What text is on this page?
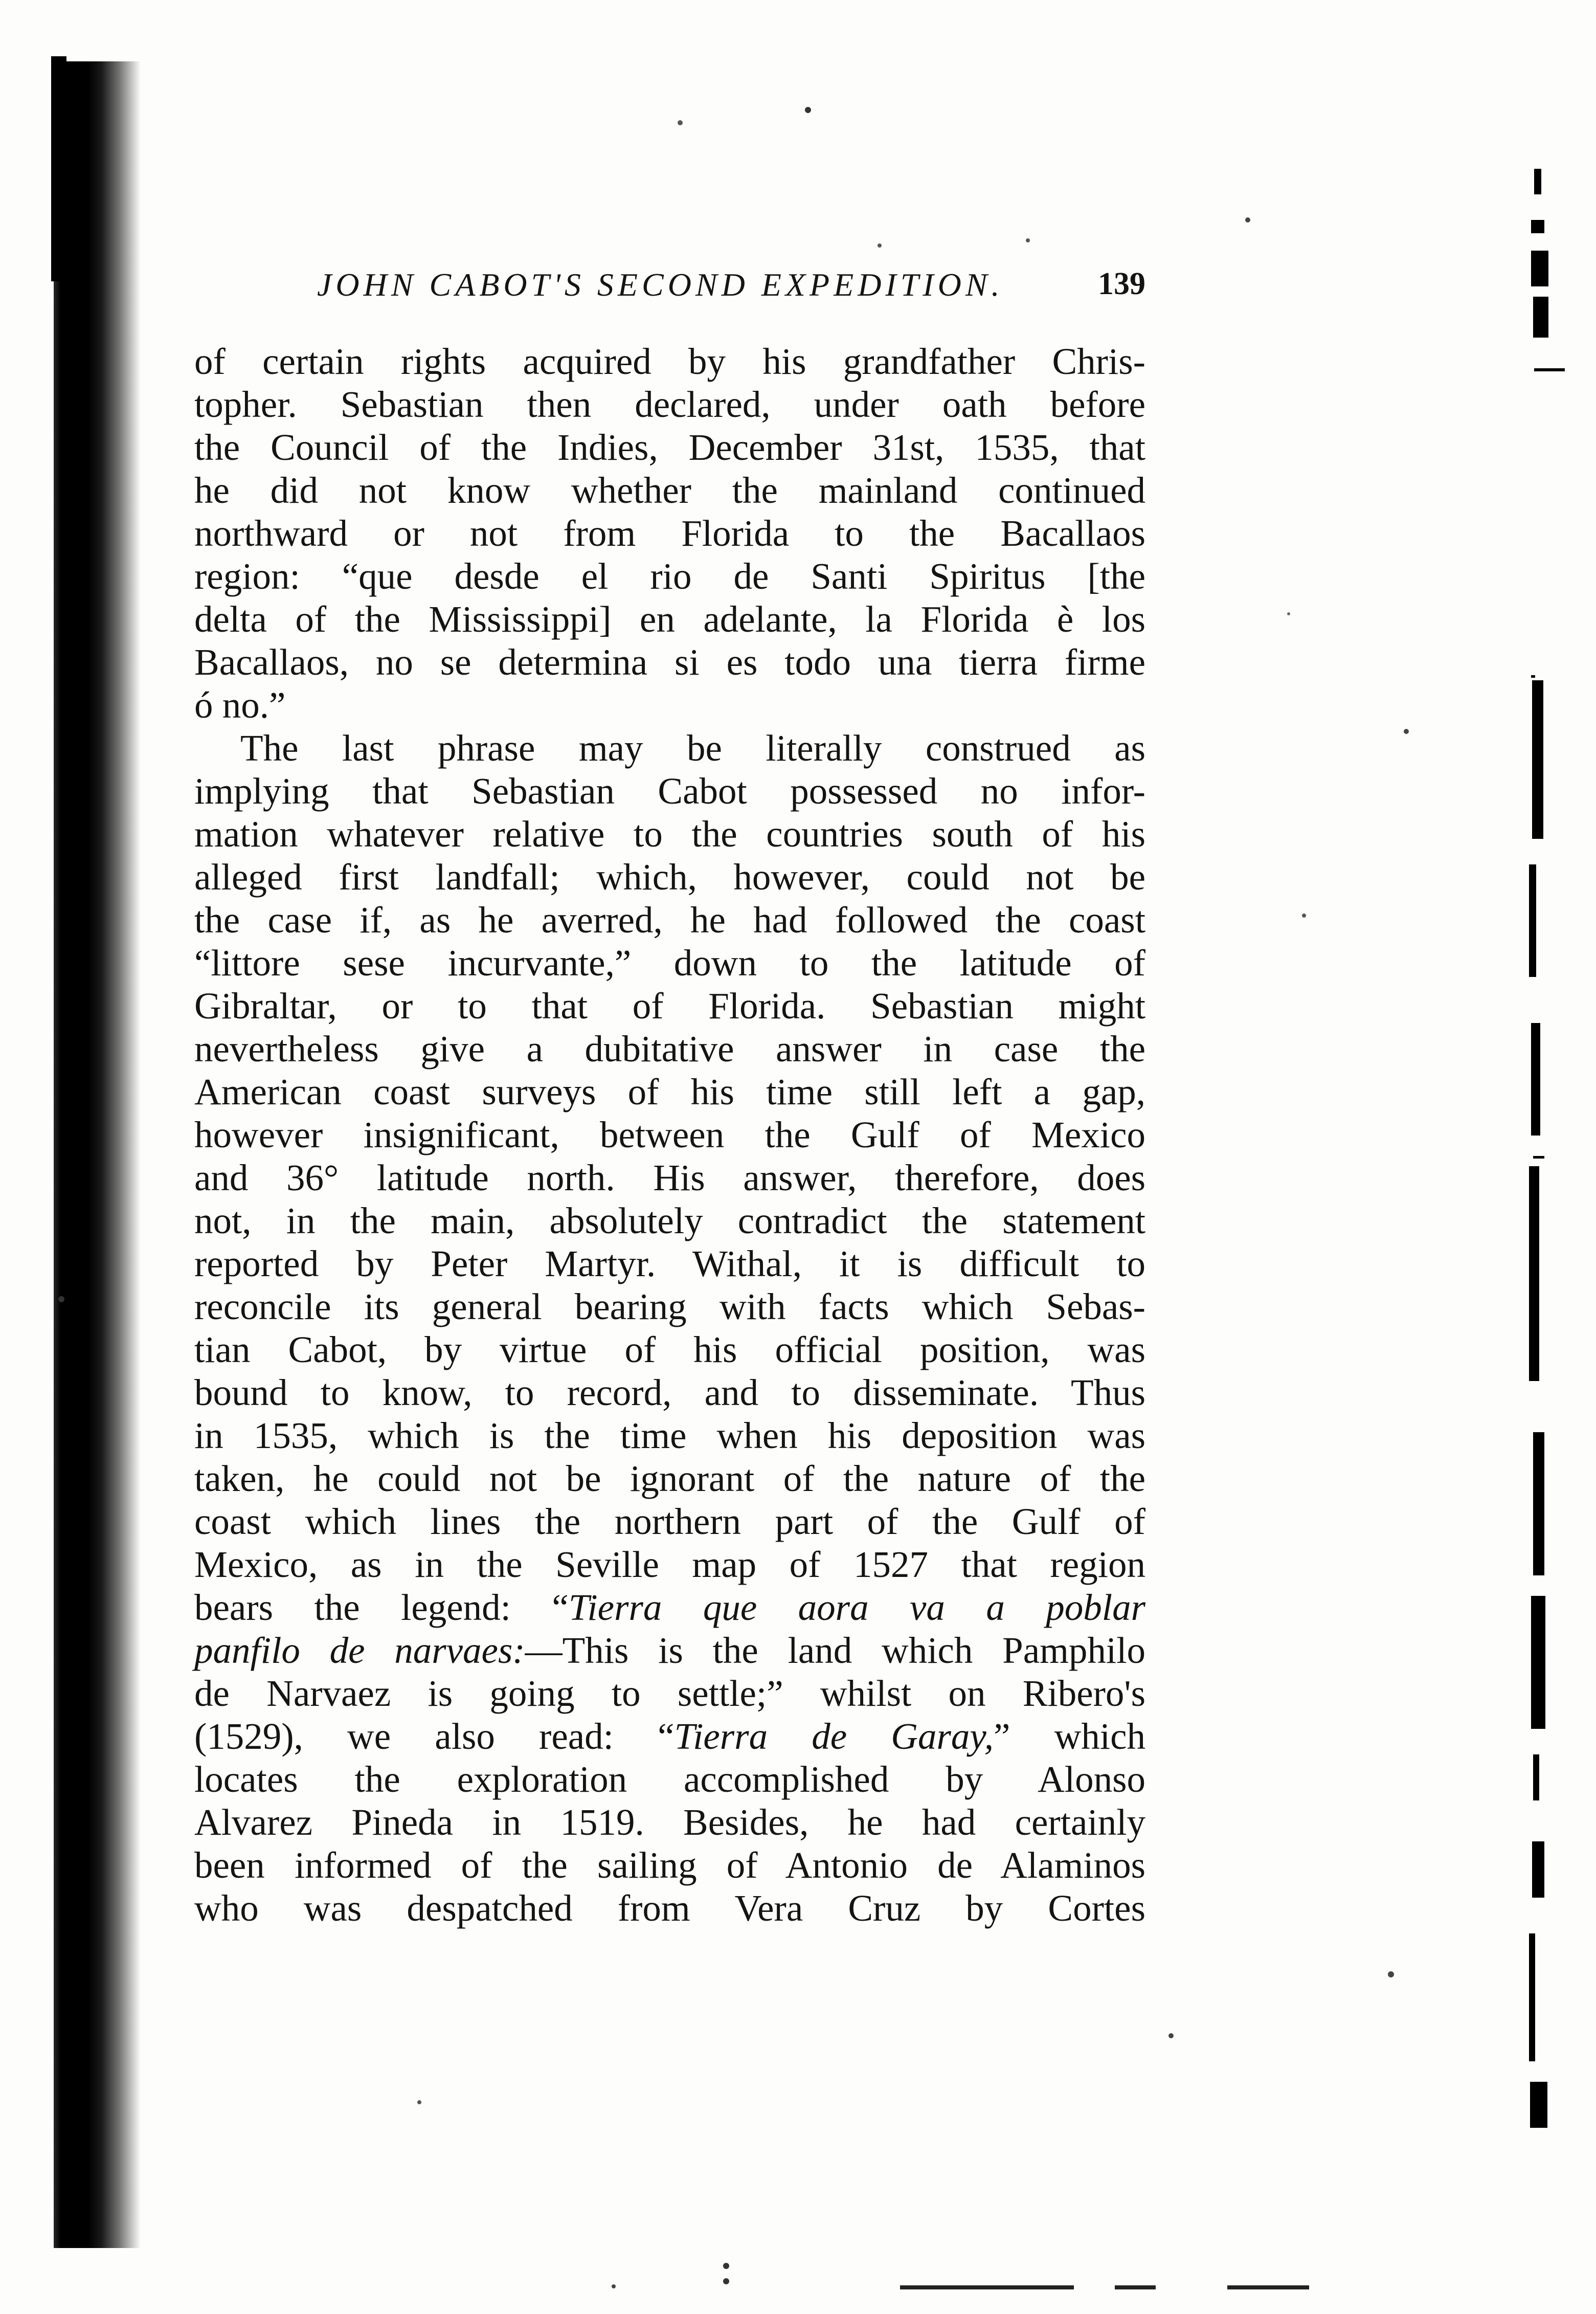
JOHN CABOT'S SECOND EXPEDITION.	139
of certain rights acquired by his grandfather Chris-
topher. Sebastian then declared, under oath before
the Council of the Indies, December 31st, 1535, that
he did not know whether the mainland continued
northward or not from Florida to the Bacallaos
region: “que desde el rio de Santi Spiritus [the
delta of the Mississippi] en adelante, la Florida è los
Bacallaos, no se determina si es todo una tierra firme
ó no.”
The last phrase may be literally construed as
implying that Sebastian Cabot possessed no infor-
mation whatever relative to the countries south of his
alleged first landfall; which, however, could not be
the case if, as he averred, he had followed the coast
“littore sese incurvante,” down to the latitude of
Gibraltar, or to that of Florida. Sebastian might
nevertheless give a dubitative answer in case the
American coast surveys of his time still left a gap,
however insignificant, between the Gulf of Mexico
and 36° latitude north. His answer, therefore, does
not, in the main, absolutely contradict the statement
reported by Peter Martyr. Withal, it is difficult to
reconcile its general bearing with facts which Sebas-
tian Cabot, by virtue of his official position, was
bound to know, to record, and to disseminate. Thus
in 1535, which is the time when his deposition was
taken, he could not be ignorant of the nature of the
coast which lines the northern part of the Gulf of
Mexico, as in the Seville map of 1527 that region
bears the legend: “Tierra que aora va a poblar
panfilo de narvaes:—This is the land which Pamphilo
de Narvaez is going to settle;” whilst on Ribero's
(1529), we also read: “Tierra de Garay,” which
locates the exploration accomplished by Alonso
Alvarez Pineda in 1519. Besides, he had certainly
been informed of the sailing of Antonio de Alaminos
who was despatched from Vera Cruz by Cortes
